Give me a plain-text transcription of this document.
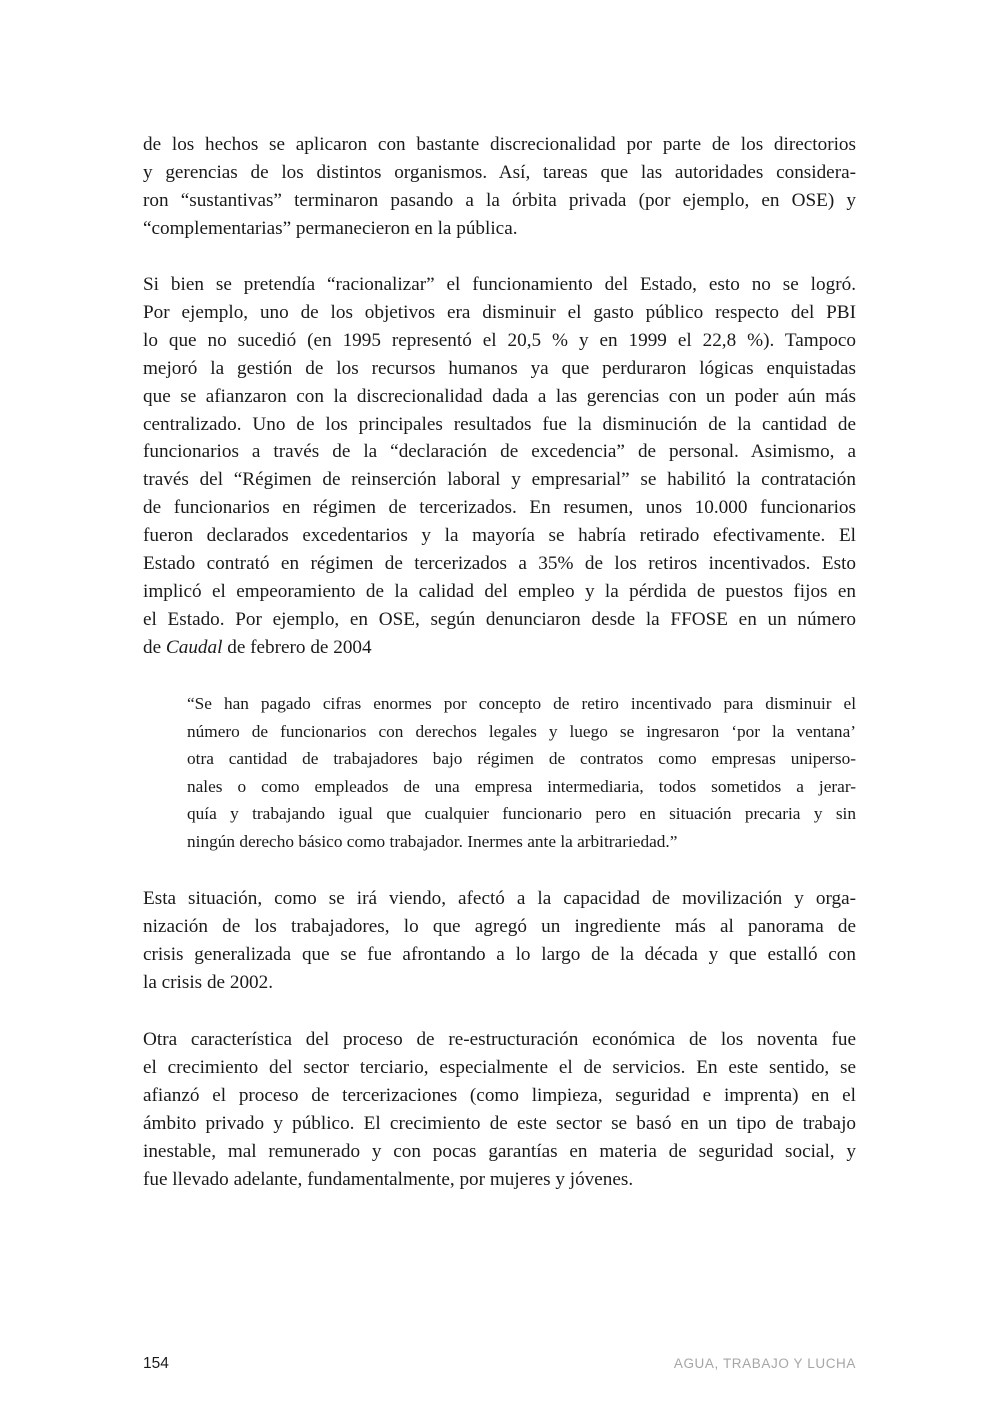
de los hechos se aplicaron con bastante discrecionalidad por parte de los directorios
y gerencias de los distintos organismos. Así, tareas que las autoridades considera-
ron “sustantivas” terminaron pasando a la órbita privada (por ejemplo, en OSE) y
“complementarias” permanecieron en la pública.
Si bien se pretendía “racionalizar” el funcionamiento del Estado, esto no se logró.
Por ejemplo, uno de los objetivos era disminuir el gasto público respecto del PBI
lo que no sucedió (en 1995 representó el 20,5 % y en 1999 el 22,8 %). Tampoco
mejoró la gestión de los recursos humanos ya que perduraron lógicas enquistadas
que se afianzaron con la discrecionalidad dada a las gerencias con un poder aún más
centralizado. Uno de los principales resultados fue la disminución de la cantidad de
funcionarios a través de la “declaración de excedencia” de personal. Asimismo, a
través del “Régimen de reinserción laboral y empresarial” se habilitó la contratación
de funcionarios en régimen de tercerizados. En resumen, unos 10.000 funcionarios
fueron declarados excedentarios y la mayoría se habría retirado efectivamente. El
Estado contrató en régimen de tercerizados a 35% de los retiros incentivados. Esto
implicó el empeoramiento de la calidad del empleo y la pérdida de puestos fijos en
el Estado. Por ejemplo, en OSE, según denunciaron desde la FFOSE en un número
de Caudal de febrero de 2004
“Se han pagado cifras enormes por concepto de retiro incentivado para disminuir el
número de funcionarios con derechos legales y luego se ingresaron ‘por la ventana’
otra cantidad de trabajadores bajo régimen de contratos como empresas uniperso-
nales o como empleados de una empresa intermediaria, todos sometidos a jerar-
quía y trabajando igual que cualquier funcionario pero en situación precaria y sin
ningún derecho básico como trabajador. Inermes ante la arbitrariedad.”
Esta situación, como se irá viendo, afectó a la capacidad de movilización y orga-
nización de los trabajadores, lo que agregó un ingrediente más al panorama de
crisis generalizada que se fue afrontando a lo largo de la década y que estalló con
la crisis de 2002.
Otra característica del proceso de re-estructuración económica de los noventa fue
el crecimiento del sector terciario, especialmente el de servicios. En este sentido, se
afianzó el proceso de tercerizaciones (como limpieza, seguridad e imprenta) en el
ámbito privado y público. El crecimiento de este sector se basó en un tipo de trabajo
inestable, mal remunerado y con pocas garantías en materia de seguridad social, y
fue llevado adelante, fundamentalmente, por mujeres y jóvenes.
154	AGUA, TRABAJO Y LUCHA
